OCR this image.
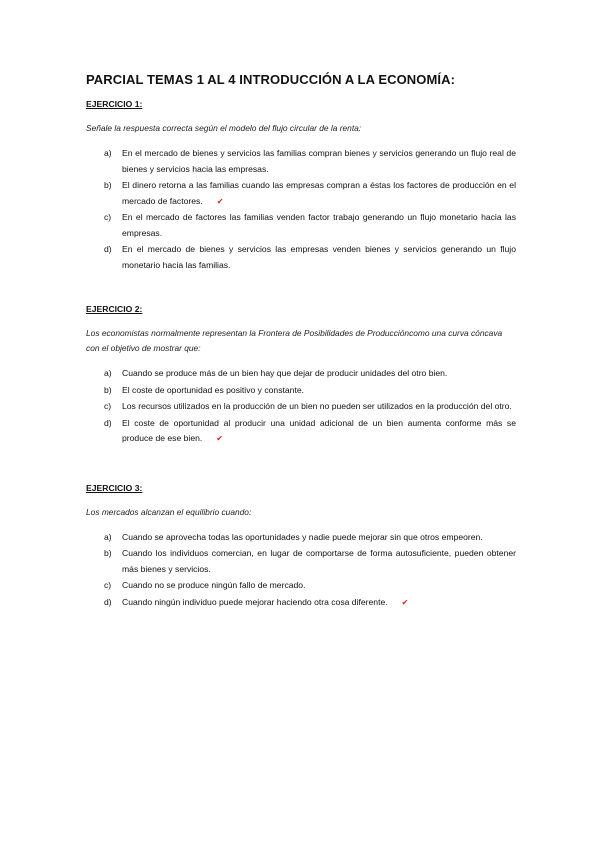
PARCIAL TEMAS 1 AL 4 INTRODUCCIÓN A LA ECONOMÍA:
EJERCICIO 1:
Señale la respuesta correcta según el modelo del flujo circular de la renta:
a) En el mercado de bienes y servicios las familias compran bienes y servicios generando un flujo real de bienes y servicios hacia las empresas.
b) El dinero retorna a las familias cuando las empresas compran a éstas los factores de producción en el mercado de factores. ✔
c) En el mercado de factores las familias venden factor trabajo generando un flujo monetario hacia las empresas.
d) En el mercado de bienes y servicios las empresas venden bienes y servicios generando un flujo monetario hacia las familias.
EJERCICIO 2:
Los economistas normalmente representan la Frontera de Posibilidades de Produccióncomo una curva cóncava con el objetivo de mostrar que:
a) Cuando se produce más de un bien hay que dejar de producir unidades del otro bien.
b) El coste de oportunidad es positivo y constante.
c) Los recursos utilizados en la producción de un bien no pueden ser utilizados en la producción del otro.
d) El coste de oportunidad al producir una unidad adicional de un bien aumenta conforme más se produce de ese bien. ✔
EJERCICIO 3:
Los mercados alcanzan el equilibrio cuando:
a) Cuando se aprovecha todas las oportunidades y nadie puede mejorar sin que otros empeoren.
b) Cuando los individuos comercian, en lugar de comportarse de forma autosuficiente, pueden obtener más bienes y servicios.
c) Cuando no se produce ningún fallo de mercado.
d) Cuando ningún individuo puede mejorar haciendo otra cosa diferente. ✔
